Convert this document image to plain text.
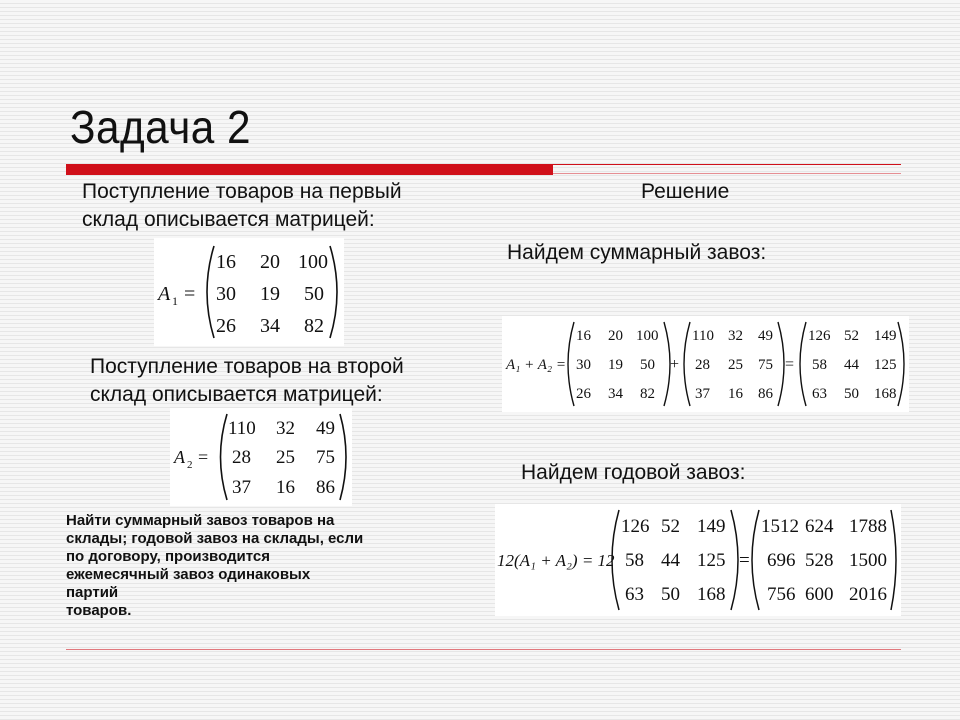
Задача 2
Поступление товаров на первый
склад описывается матрицей:
Решение
Найдем суммарный завоз:
Поступление товаров на второй
склад описывается матрицей:
Найдем годовой завоз:
Найти суммарный завоз товаров на
склады; годовой завоз на склады, если
по договору, производится
ежемесячный завоз одинаковых
партий
товаров.
A 1 =
16 20 100
30 19 50
26 34 82
A 2 =
110 32 49
28 25 75
37 16 86
A₁ + A₂ =
16 20 100
30 19 50
26 34 82
+
110 32 49
28 25 75
37 16 86
=
126 52 149
58 44 125
63 50 168
12(A₁ + A₂) = 12
126 52 149
58 44 125
63 50 168
=
1512 624 1788
696 528 1500
756 600 2016
